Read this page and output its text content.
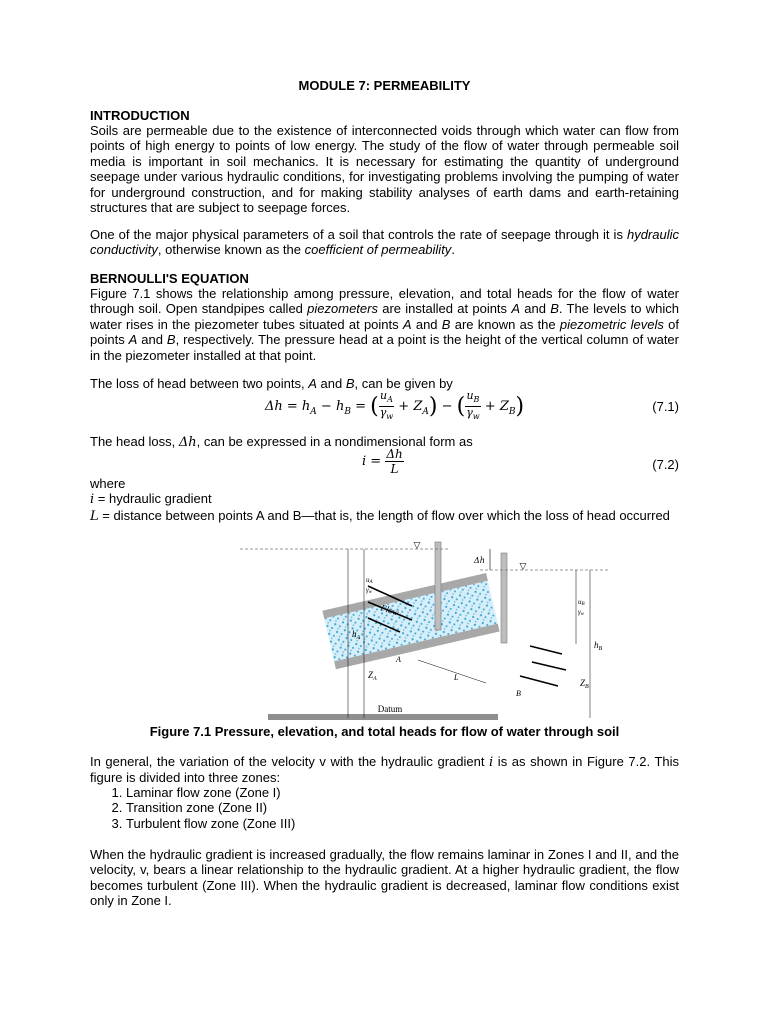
MODULE 7: PERMEABILITY
INTRODUCTION
Soils are permeable due to the existence of interconnected voids through which water can flow from points of high energy to points of low energy. The study of the flow of water through permeable soil media is important in soil mechanics. It is necessary for estimating the quantity of underground seepage under various hydraulic conditions, for investigating problems involving the pumping of water for underground construction, and for making stability analyses of earth dams and earth-retaining structures that are subject to seepage forces.
One of the major physical parameters of a soil that controls the rate of seepage through it is hydraulic conductivity, otherwise known as the coefficient of permeability.
BERNOULLI'S EQUATION
Figure 7.1 shows the relationship among pressure, elevation, and total heads for the flow of water through soil. Open standpipes called piezometers are installed at points A and B. The levels to which water rises in the piezometer tubes situated at points A and B are known as the piezometric levels of points A and B, respectively. The pressure head at a point is the height of the vertical column of water in the piezometer installed at that point.
The loss of head between two points, A and B, can be given by
$\Delta h = h_A - h_B$ = ( $\frac{u_A}{\gamma_w} + Z_A$) − ( $\frac{u_B}{\gamma_w} + Z_B$)	(7.1)
The head loss, Δh, can be expressed in a nondimensional form as
$i = \frac{\Delta h}{L}$	(7.2)
where
i = hydraulic gradient
L = distance between points A and B—that is, the length of flow over which the loss of head occurred
Datum
▽
▽
Δh
$h_A$
uA
γw
$Z_A$
uB
γw
$h_B$
$Z_B$
Flow
A
B
L
Figure 7.1 Pressure, elevation, and total heads for flow of water through soil
In general, the variation of the velocity v with the hydraulic gradient i is as shown in Figure 7.2. This figure is divided into three zones:
1. Laminar flow zone (Zone I)
2. Transition zone (Zone II)
3. Turbulent flow zone (Zone III)
When the hydraulic gradient is increased gradually, the flow remains laminar in Zones I and II, and the velocity, v, bears a linear relationship to the hydraulic gradient. At a higher hydraulic gradient, the flow becomes turbulent (Zone III). When the hydraulic gradient is decreased, laminar flow conditions exist only in Zone I.
